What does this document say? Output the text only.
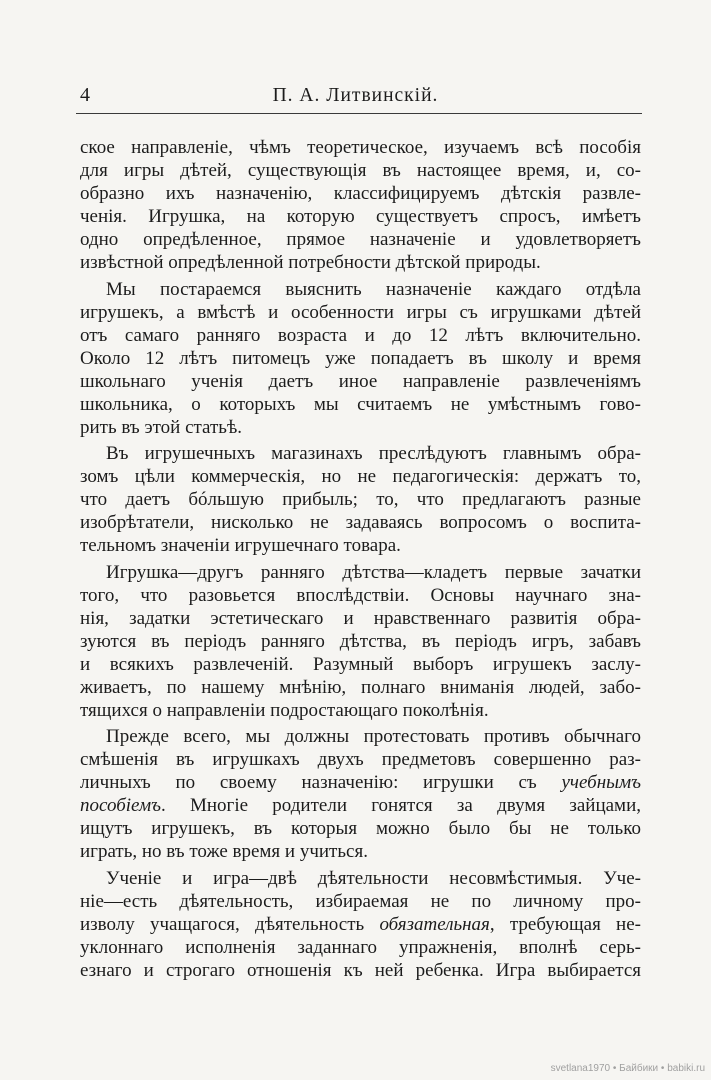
4	П. А. Литвинскій.
ское направленіе, чѣмъ теоретическое, изучаемъ всѣ пособія
для игры дѣтей, существующія въ настоящее время, и, со-
образно ихъ назначенію, классифицируемъ дѣтскія развле-
ченія. Игрушка, на которую существуетъ спросъ, имѣетъ
одно опредѣленное, прямое назначеніе и удовлетворяетъ
извѣстной опредѣленной потребности дѣтской природы.
Мы постараемся выяснить назначеніе каждаго отдѣла
игрушекъ, а вмѣстѣ и особенности игры съ игрушками дѣтей
отъ самаго ранняго возраста и до 12 лѣтъ включительно.
Около 12 лѣтъ питомецъ уже попадаетъ въ школу и время
школьнаго ученія даетъ иное направленіе развлеченіямъ
школьника, о которыхъ мы считаемъ не умѣстнымъ гово-
рить въ этой статьѣ.
Въ игрушечныхъ магазинахъ преслѣдуютъ главнымъ обра-
зомъ цѣли коммерческія, но не педагогическія: держатъ то,
что даетъ бóльшую прибыль; то, что предлагаютъ разные
изобрѣтатели, нисколько не задаваясь вопросомъ о воспита-
тельномъ значеніи игрушечнаго товара.
Игрушка—другъ ранняго дѣтства—кладетъ первые зачатки
того, что разовьется впослѣдствіи. Основы научнаго зна-
нія, задатки эстетическаго и нравственнаго развитія обра-
зуются въ періодъ ранняго дѣтства, въ періодъ игръ, забавъ
и всякихъ развлеченій. Разумный выборъ игрушекъ заслу-
живаетъ, по нашему мнѣнію, полнаго вниманія людей, забо-
тящихся о направленіи подростающаго поколѣнія.
Прежде всего, мы должны протестовать противъ обычнаго
смѣшенія въ игрушкахъ двухъ предметовъ совершенно раз-
личныхъ по своему назначенію: игрушки съ учебнымъ
пособіемъ. Многіе родители гонятся за двумя зайцами,
ищутъ игрушекъ, въ которыя можно было бы не только
играть, но въ тоже время и учиться.
Ученіе и игра—двѣ дѣятельности несовмѣстимыя. Уче-
ніе—есть дѣятельность, избираемая не по личному про-
изволу учащагося, дѣятельность обязательная, требующая не-
уклоннаго исполненія заданнаго упражненія, вполнѣ серь-
езнаго и строгаго отношенія къ ней ребенка. Игра выбирается
svetlana1970 • Байбики • babiki.ru
